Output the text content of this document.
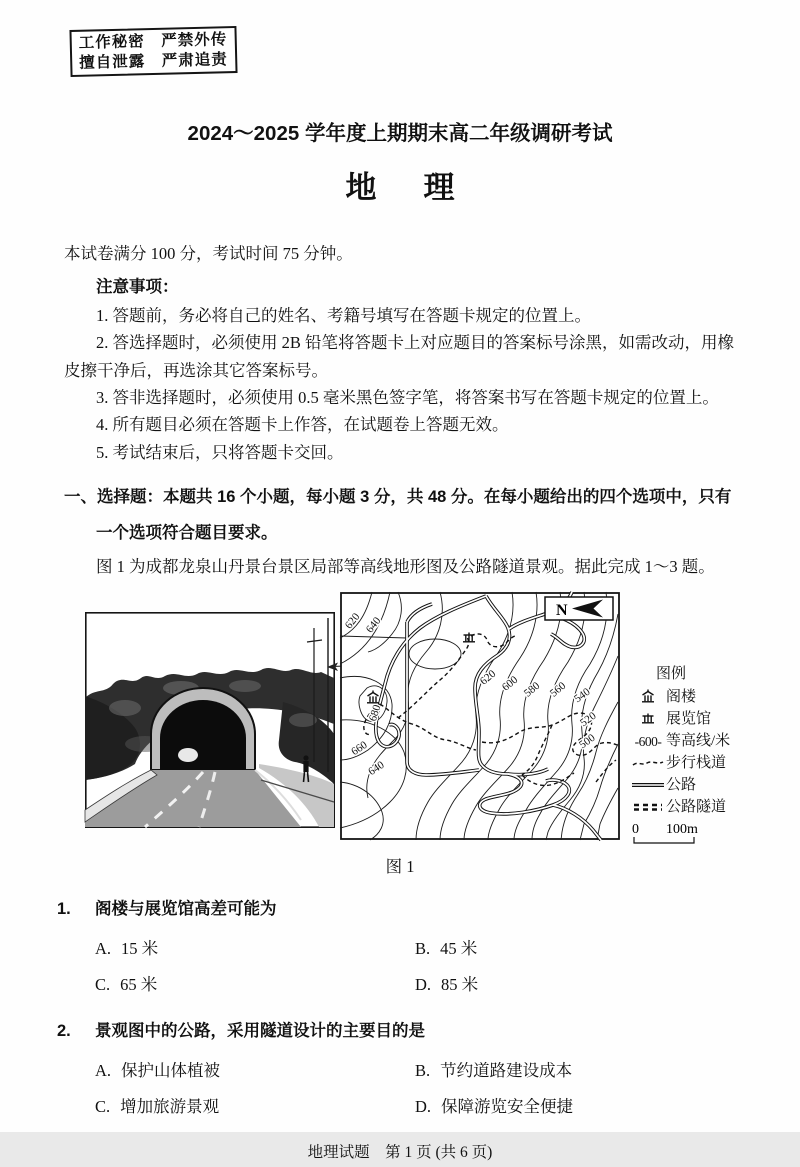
工作秘密　严禁外传
擅自泄露　严肃追责
2024～2025 学年度上期期末高二年级调研考试
地　理

本试卷满分 100 分，考试时间 75 分钟。

注意事项：

1. 答题前，务必将自己的姓名、考籍号填写在答题卡规定的位置上。

2. 答选择题时，必须使用 2B 铅笔将答题卡上对应题目的答案标号涂黑，如需改动，用橡皮擦干净后，再选涂其它答案标号。

3. 答非选择题时，必须使用 0.5 毫米黑色签字笔，将答案书写在答题卡规定的位置上。

4. 所有题目必须在答题卡上作答，在试题卷上答题无效。

5. 考试结束后，只将答题卡交回。

一、选择题：本题共 16 个小题，每小题 3 分，共 48 分。在每小题给出的四个选项中，只有一个选项符合题目要求。

图 1 为成都龙泉山丹景台景区局部等高线地形图及公路隧道景观。据此完成 1～3 题。

620 640
680
660
640
620 600 580 560 540
520
500
N
图例
阁楼
展览馆
-600- 等高线/米
步行栈道
公路
公路隧道
0 100m
图 1
1. 阁楼与展览馆高差可能为
A. 15 米	B. 45 米
C. 65 米	D. 85 米
2. 景观图中的公路，采用隧道设计的主要目的是
A. 保护山体植被	B. 节约道路建设成本
C. 增加旅游景观	D. 保障游览安全便捷
地理试题　第 1 页 (共 6 页)
